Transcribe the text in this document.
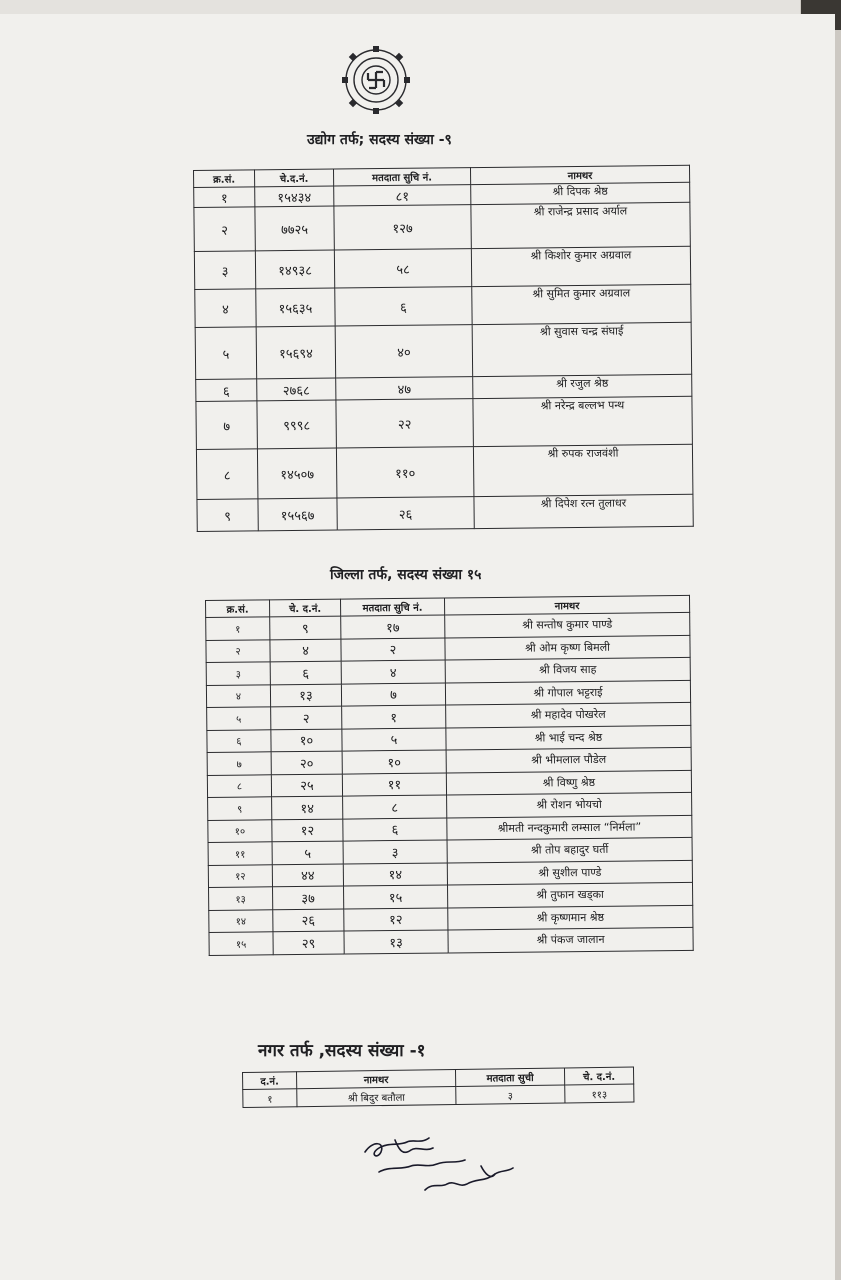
उद्योग तर्फ; सदस्य संख्या -९
क्र.सं.	चे.द.नं.	मतदाता सुचि नं.	नामथर
१	१५४३४	८१	श्री दिपक श्रेष्ठ
२	७७२५	१२७	श्री राजेन्द्र प्रसाद अर्याल
३	१४९३८	५८	श्री किशोर कुमार अग्रवाल
४	१५६३५	६	श्री सुमित कुमार अग्रवाल
५	१५६९४	४०	श्री सुवास चन्द्र संघाई
६	२७६८	४७	श्री रजुल श्रेष्ठ
७	९९९८	२२	श्री नरेन्द्र बल्लभ पन्थ
८	१४५०७	११०	श्री रुपक राजवंशी
९	१५५६७	२६	श्री दिपेश रत्न तुलाधर
जिल्ला तर्फ, सदस्य संख्या १५
क्र.सं.	चे. द.नं.	मतदाता सुचि नं.	नामथर
१	९	१७	श्री सन्तोष कुमार पाण्डे
२	४	२	श्री ओम कृष्ण बिमली
३	६	४	श्री विजय साह
४	१३	७	श्री गोपाल भट्टराई
५	२	१	श्री महादेव पोखरेल
६	१०	५	श्री भाई चन्द श्रेष्ठ
७	२०	१०	श्री भीमलाल पौडेल
८	२५	११	श्री विष्णु श्रेष्ठ
९	१४	८	श्री रोशन भोयचो
१०	१२	६	श्रीमती नन्दकुमारी लम्साल “निर्मला”
११	५	३	श्री तोप बहादुर घर्ती
१२	४४	१४	श्री सुशील पाण्डे
१३	३७	१५	श्री तुफान खड्का
१४	२६	१२	श्री कृष्णमान श्रेष्ठ
१५	२९	१३	श्री पंकज जालान
नगर तर्फ ,सदस्य संख्या -१
द.नं.	नामथर	मतदाता सुची	चे. द.नं.
१	श्री बिदुर बतौला	३	११३
